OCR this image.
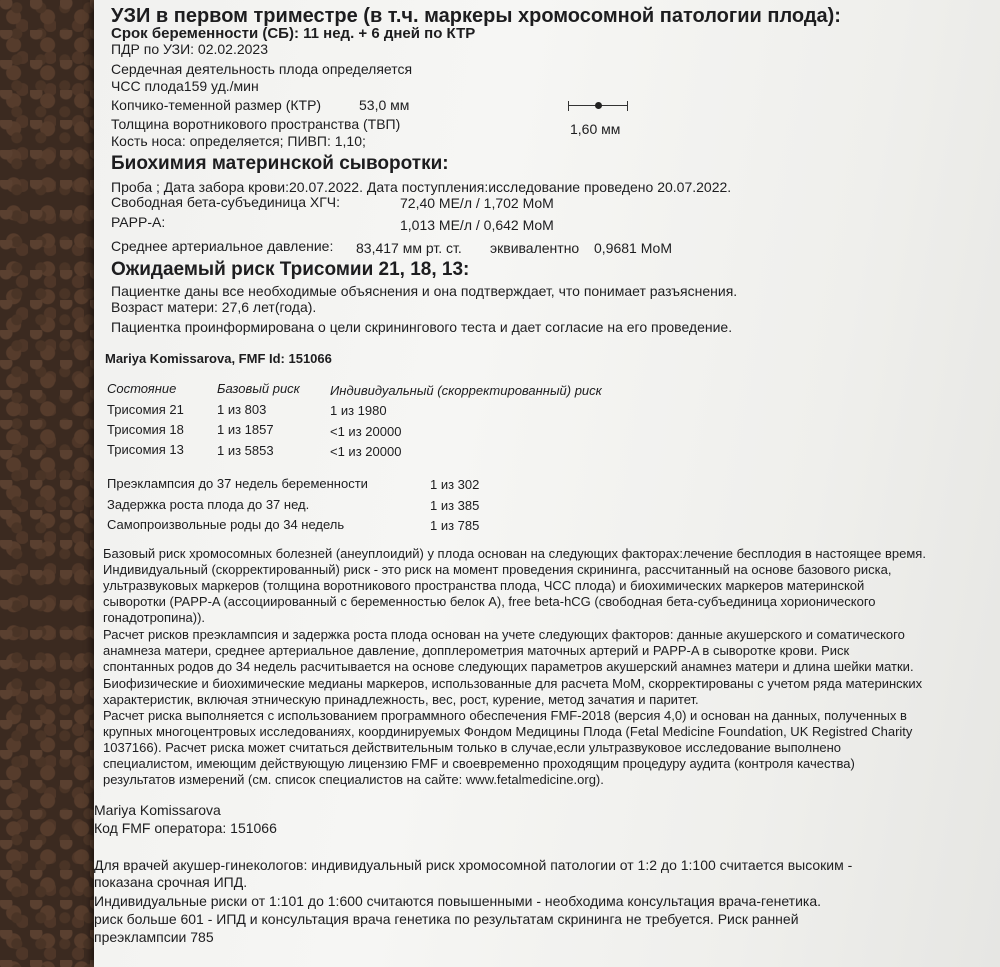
УЗИ в первом триместре (в т.ч. маркеры хромосомной патологии плода):
Срок беременности (СБ): 11 нед. + 6 дней по КТР
ПДР по УЗИ: 02.02.2023
Сердечная деятельность плода определяется
ЧСС плода159 уд./мин
Копчико-теменной размер (КТР)	53,0 мм
Толщина воротникового пространства (ТВП)	1,60 мм
Кость носа: определяется; ПИВП: 1,10;
Биохимия материнской сыворотки:
Проба ; Дата забора крови:20.07.2022. Дата поступления:исследование проведено 20.07.2022.
Свободная бета-субъединица ХГЧ:	72,40 МЕ/л / 1,702 МоМ
PAPP-A:	1,013 МЕ/л / 0,642 МоМ
Среднее артериальное давление: 83,417 мм рт. ст. эквивалентно 0,9681 МоМ
Ожидаемый риск Трисомии 21, 18, 13:
Пациентке даны все необходимые объяснения и она подтверждает, что понимает разъяснения.
Возраст матери: 27,6 лет(года).
Пациентка проинформирована о цели скринингового теста и дает согласие на его проведение.
Mariya Komissarova, FMF Id: 151066
Состояние	Базовый риск Индивидуальный (скорректированный) риск
Трисомия 21	1 из 803	1 из 1980
Трисомия 18	1 из 1857	<1 из 20000
Трисомия 13	1 из 5853	<1 из 20000
Преэклампсия до 37 недель беременности	1 из 302
Задержка роста плода до 37 нед.	1 из 385
Самопроизвольные роды до 34 недель	1 из 785
Базовый риск хромосомных болезней (анеуплоидий) у плода основан на следующих факторах:лечение бесплодия в настоящее время.
Индивидуальный (скорректированный) риск - это риск на момент проведения скрининга, рассчитанный на основе базового риска,
ультразвуковых маркеров (толщина воротникового пространства плода, ЧСС плода) и биохимических маркеров материнской
сыворотки (PAPP-A (ассоциированный с беременностью белок А), free beta-hCG (свободная бета-субъединица хорионического
гонадотропина)).
Расчет рисков преэклампсия и задержка роста плода основан на учете следующих факторов: данные акушерского и соматического
анамнеза матери, среднее артериальное давление, допплерометрия маточных артерий и PAPP-A в сыворотке крови. Риск
спонтанных родов до 34 недель расчитывается на основе следующих параметров акушерский анамнез матери и длина шейки матки.
Биофизические и биохимические медианы маркеров, использованные для расчета МоМ, скорректированы с учетом ряда материнских
характеристик, включая этническую принадлежность, вес, рост, курение, метод зачатия и паритет.
Расчет риска выполняется с использованием программного обеспечения FMF-2018 (версия 4,0) и основан на данных, полученных в
крупных многоцентровых исследованиях, координируемых Фондом Медицины Плода (Fetal Medicine Foundation, UK Registred Charity
1037166). Расчет риска может считаться действительным только в случае,если ультразвуковое исследование выполнено
специалистом, имеющим действующую лицензию FMF и своевременно проходящим процедуру аудита (контроля качества)
результатов измерений (см. список специалистов на сайте: www.fetalmedicine.org).
Mariya Komissarova
Код FMF оператора: 151066
Для врачей акушер-гинекологов: индивидуальный риск хромосомной патологии от 1:2 до 1:100 считается высоким -
показана срочная ИПД.
Индивидуальные риски от 1:101 до 1:600 считаются повышенными - необходима консультация врача-генетика.
риск больше 601 - ИПД и консультация врача генетика по результатам скрининга не требуется. Риск ранней
преэклампсии 785
